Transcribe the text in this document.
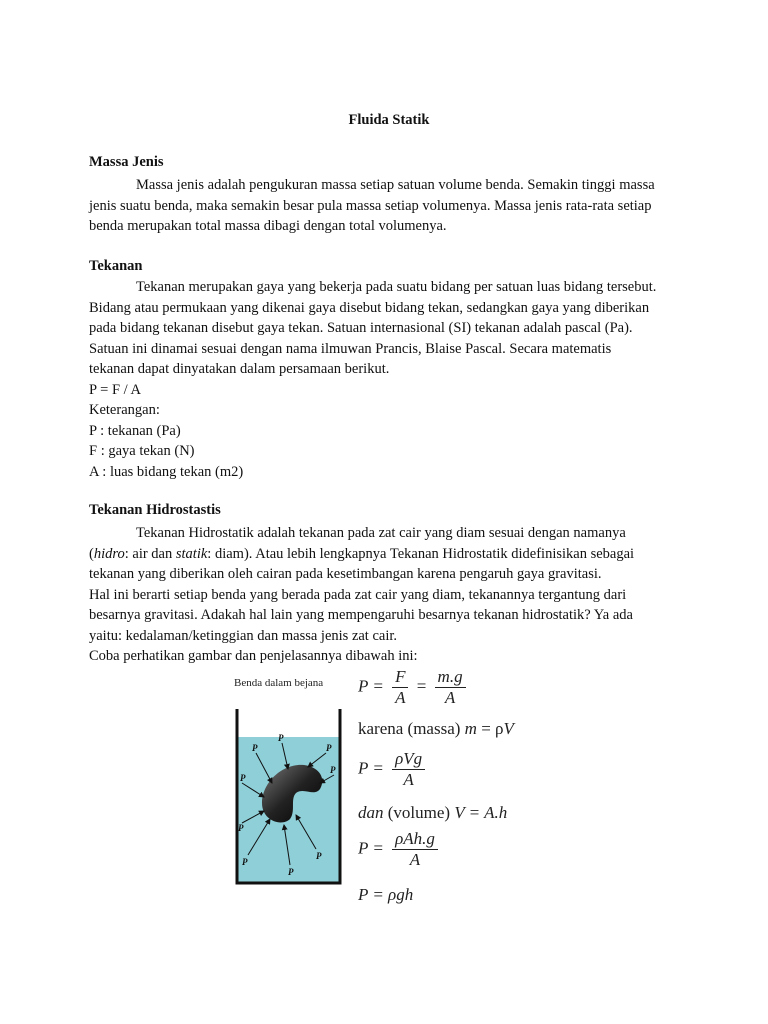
Fluida Statik
Massa Jenis

Massa jenis adalah pengukuran massa setiap satuan volume benda. Semakin tinggi massa

jenis suatu benda, maka semakin besar pula massa setiap volumenya. Massa jenis rata-rata setiap

benda merupakan total massa dibagi dengan total volumenya.

Tekanan

Tekanan merupakan gaya yang bekerja pada suatu bidang per satuan luas bidang tersebut.

Bidang atau permukaan yang dikenai gaya disebut bidang tekan, sedangkan gaya yang diberikan

pada bidang tekanan disebut gaya tekan. Satuan internasional (SI) tekanan adalah pascal (Pa).

Satuan ini dinamai sesuai dengan nama ilmuwan Prancis, Blaise Pascal. Secara matematis

tekanan dapat dinyatakan dalam persamaan berikut.

P = F / A

Keterangan:

P : tekanan (Pa)

F : gaya tekan (N)

A : luas bidang tekan (m2)

Tekanan Hidrostastis

Tekanan Hidrostatik adalah tekanan pada zat cair yang diam sesuai dengan namanya

(hidro: air dan statik: diam). Atau lebih lengkapnya Tekanan Hidrostatik didefinisikan sebagai

tekanan yang diberikan oleh cairan pada kesetimbangan karena pengaruh gaya gravitasi.

Hal ini berarti setiap benda yang berada pada zat cair yang diam, tekanannya tergantung dari

besarnya gravitasi. Adakah hal lain yang mempengaruhi besarnya tekanan hidrostatik? Ya ada

yaitu: kedalaman/ketinggian dan massa jenis zat cair.

Coba perhatikan gambar dan penjelasannya dibawah ini:

Benda dalam bejana
P
P
P
P
P
P
P
P
P
$P = \frac{F}{A} = \frac{m.g}{A}$
karena (massa) m = ρV
$P = \frac{\text{ρVg}}{A}$
dan (volume) V = A.h
$P = \frac{\text{ρAh.g}}{A}$
P = ρgh
